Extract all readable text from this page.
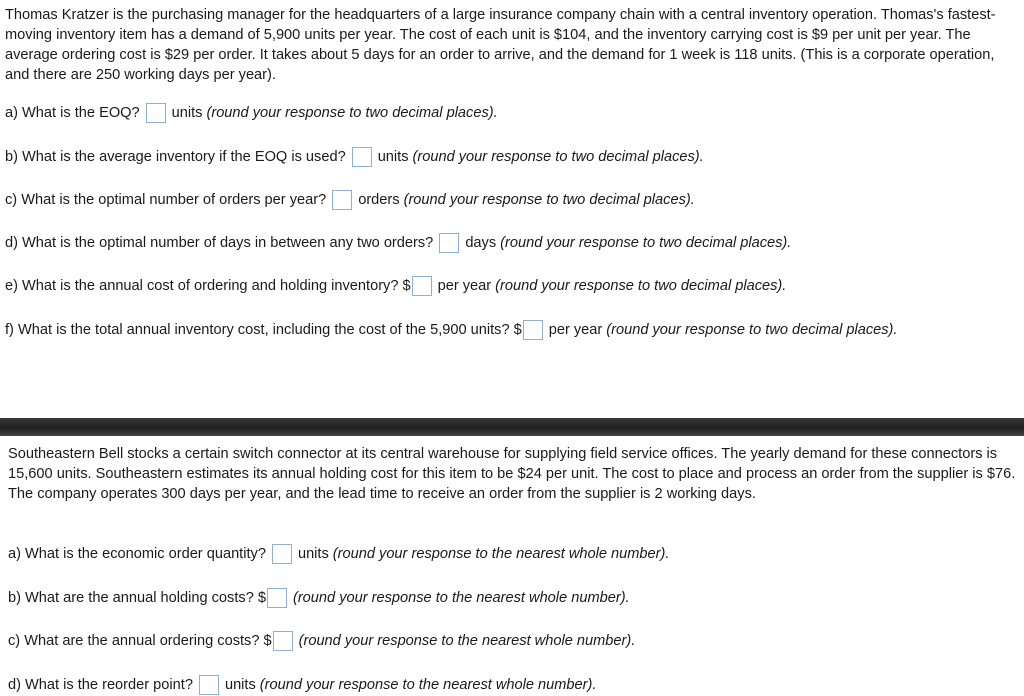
Thomas Kratzer is the purchasing manager for the headquarters of a large insurance company chain with a central inventory operation. Thomas's fastest-moving inventory item has a demand of 5,900 units per year. The cost of each unit is $104, and the inventory carrying cost is $9 per unit per year. The average ordering cost is $29 per order. It takes about 5 days for an order to arrive, and the demand for 1 week is 118 units. (This is a corporate operation, and there are 250 working days per year).

a) What is the EOQ? units (round your response to two decimal places).
b) What is the average inventory if the EOQ is used? units (round your response to two decimal places).
c) What is the optimal number of orders per year? orders (round your response to two decimal places).
d) What is the optimal number of days in between any two orders? days (round your response to two decimal places).
e) What is the annual cost of ordering and holding inventory? $ per year (round your response to two decimal places).
f) What is the total annual inventory cost, including the cost of the 5,900 units? $ per year (round your response to two decimal places).

Southeastern Bell stocks a certain switch connector at its central warehouse for supplying field service offices. The yearly demand for these connectors is 15,600 units. Southeastern estimates its annual holding cost for this item to be $24 per unit. The cost to place and process an order from the supplier is $76. The company operates 300 days per year, and the lead time to receive an order from the supplier is 2 working days.

a) What is the economic order quantity? units (round your response to the nearest whole number).
b) What are the annual holding costs? $ (round your response to the nearest whole number).
c) What are the annual ordering costs? $ (round your response to the nearest whole number).
d) What is the reorder point? units (round your response to the nearest whole number).
